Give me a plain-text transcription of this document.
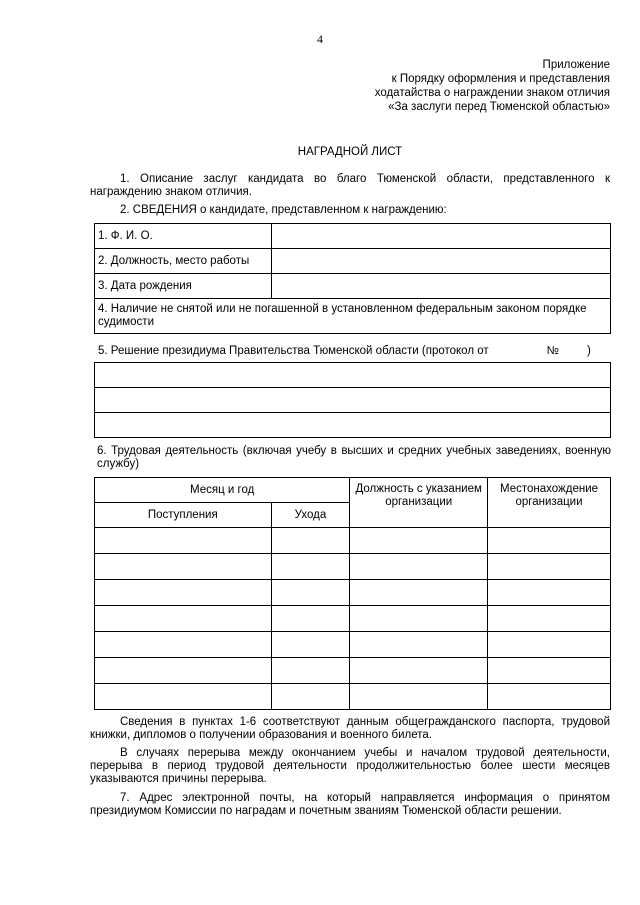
4
Приложение
к Порядку оформления и представления
ходатайства о награждении знаком отличия
«За заслуги перед Тюменской областью»
НАГРАДНОЙ ЛИСТ
1. Описание заслуг кандидата во благо Тюменской области, представленного к награждению знаком отличия.
2. СВЕДЕНИЯ о кандидате, представленном к награждению:
1. Ф. И. О.	
2. Должность, место работы	
3. Дата рождения	
4. Наличие не снятой или не погашенной в установленном федеральным законом порядке судимости	
5. Решение президиума Правительства Тюменской области (протокол от	№ )

6. Трудовая деятельность (включая учебу в высших и средних учебных заведениях, военную службу)
Месяц и год		Должность с указанием организации	Местонахождение организации
Поступления	Ухода		

Сведения в пунктах 1-6 соответствуют данным общегражданского паспорта, трудовой книжки, дипломов о получении образования и военного билета.
В случаях перерыва между окончанием учебы и началом трудовой деятельности, перерыва в период трудовой деятельности продолжительностью более шести месяцев указываются причины перерыва.
7. Адрес электронной почты, на который направляется информация о принятом президиумом Комиссии по наградам и почетным званиям Тюменской области решении.
